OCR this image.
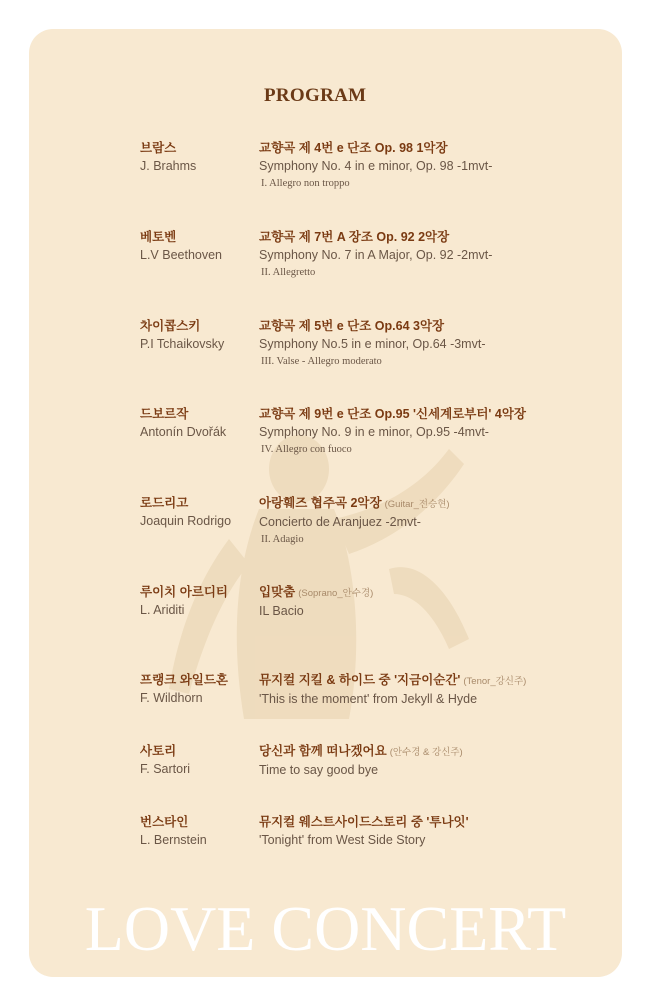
PROGRAM
브람스
J. Brahms
교향곡 제 4번 e 단조 Op. 98 1악장
Symphony No. 4 in e minor, Op. 98 -1mvt-
I. Allegro non troppo
베토벤
L.V Beethoven
교향곡 제 7번 A 장조 Op. 92 2악장
Symphony No. 7 in A Major, Op. 92 -2mvt-
II. Allegretto
차이콥스키
P.I Tchaikovsky
교향곡 제 5번 e 단조 Op.64 3악장
Symphony No.5 in e minor, Op.64 -3mvt-
III. Valse - Allegro moderato
드보르작
Antonín Dvořák
교향곡 제 9번 e 단조 Op.95 '신세계로부터' 4악장
Symphony No. 9 in e minor, Op.95 -4mvt-
IV. Allegro con fuoco
로드리고
Joaquin Rodrigo
아랑훼즈 협주곡 2악장 (Guitar_전승현)
Concierto de Aranjuez -2mvt-
II. Adagio
루이치 아르디티
L. Ariditi
입맞춤 (Soprano_안수경)
IL Bacio
프랭크 와일드혼
F. Wildhorn
뮤지컬 지킬 & 하이드 중 '지금이순간' (Tenor_강신주)
'This is the moment' from Jekyll & Hyde
사토리
F. Sartori
당신과 함께 떠나겠어요 (안수경 & 강신주)
Time to say good bye
번스타인
L. Bernstein
뮤지컬 웨스트사이드스토리 중 '투나잇'
'Tonight' from West Side Story
LOVE CONCERT
